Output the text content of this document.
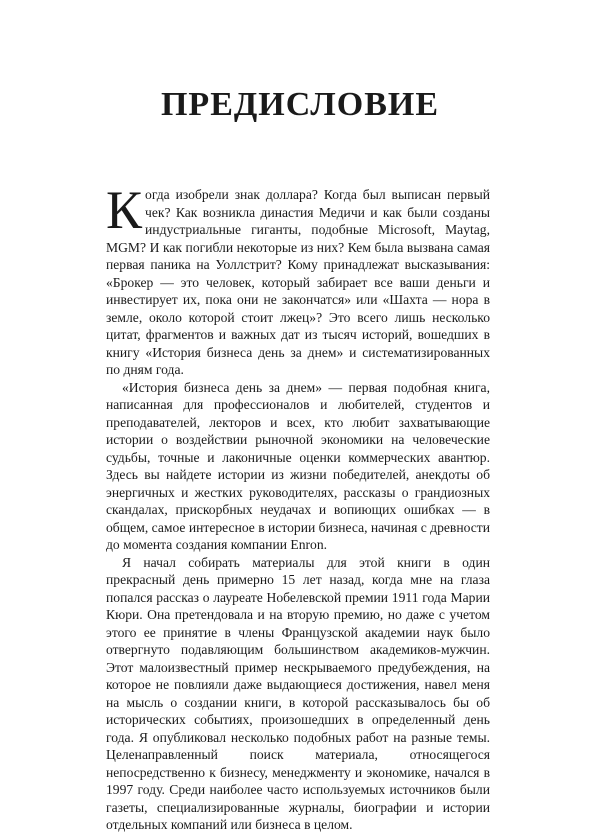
ПРЕДИСЛОВИЕ

Когда изобрели знак доллара? Когда был выписан первый чек? Как возникла династия Медичи и как были созданы индустриальные гиганты, подобные Microsoft, Maytag, MGM? И как погибли некоторые из них? Кем была вызвана самая первая паника на Уоллстрит? Кому принадлежат высказывания: «Брокер — это человек, который забирает все ваши деньги и инвестирует их, пока они не закончатся» или «Шахта — нора в земле, около которой стоит лжец»? Это всего лишь несколько цитат, фрагментов и важных дат из тысяч историй, вошедших в книгу «История бизнеса день за днем» и систематизированных по дням года.

«История бизнеса день за днем» — первая подобная книга, написанная для профессионалов и любителей, студентов и преподавателей, лекторов и всех, кто любит захватывающие истории о воздействии рыночной экономики на человеческие судьбы, точные и лаконичные оценки коммерческих авантюр. Здесь вы найдете истории из жизни победителей, анекдоты об энергичных и жестких руководителях, рассказы о грандиозных скандалах, прискорбных неудачах и вопиющих ошибках — в общем, самое интересное в истории бизнеса, начиная с древности до момента создания компании Enron.

Я начал собирать материалы для этой книги в один прекрасный день примерно 15 лет назад, когда мне на глаза попался рассказ о лауреате Нобелевской премии 1911 года Марии Кюри. Она претендовала и на вторую премию, но даже с учетом этого ее принятие в члены Французской академии наук было отвергнуто подавляющим большинством академиков-мужчин. Этот малоизвестный пример нескрываемого предубеждения, на которое не повлияли даже выдающиеся достижения, навел меня на мысль о создании книги, в которой рассказывалось бы об исторических событиях, произошедших в определенный день года. Я опубликовал несколько подобных работ на разные темы. Целенаправленный поиск материала, относящегося непосредственно к бизнесу, менеджменту и экономике, начался в 1997 году. Среди наиболее часто используемых источников были газеты, специализированные журналы, биографии и истории отдельных компаний или бизнеса в целом.
